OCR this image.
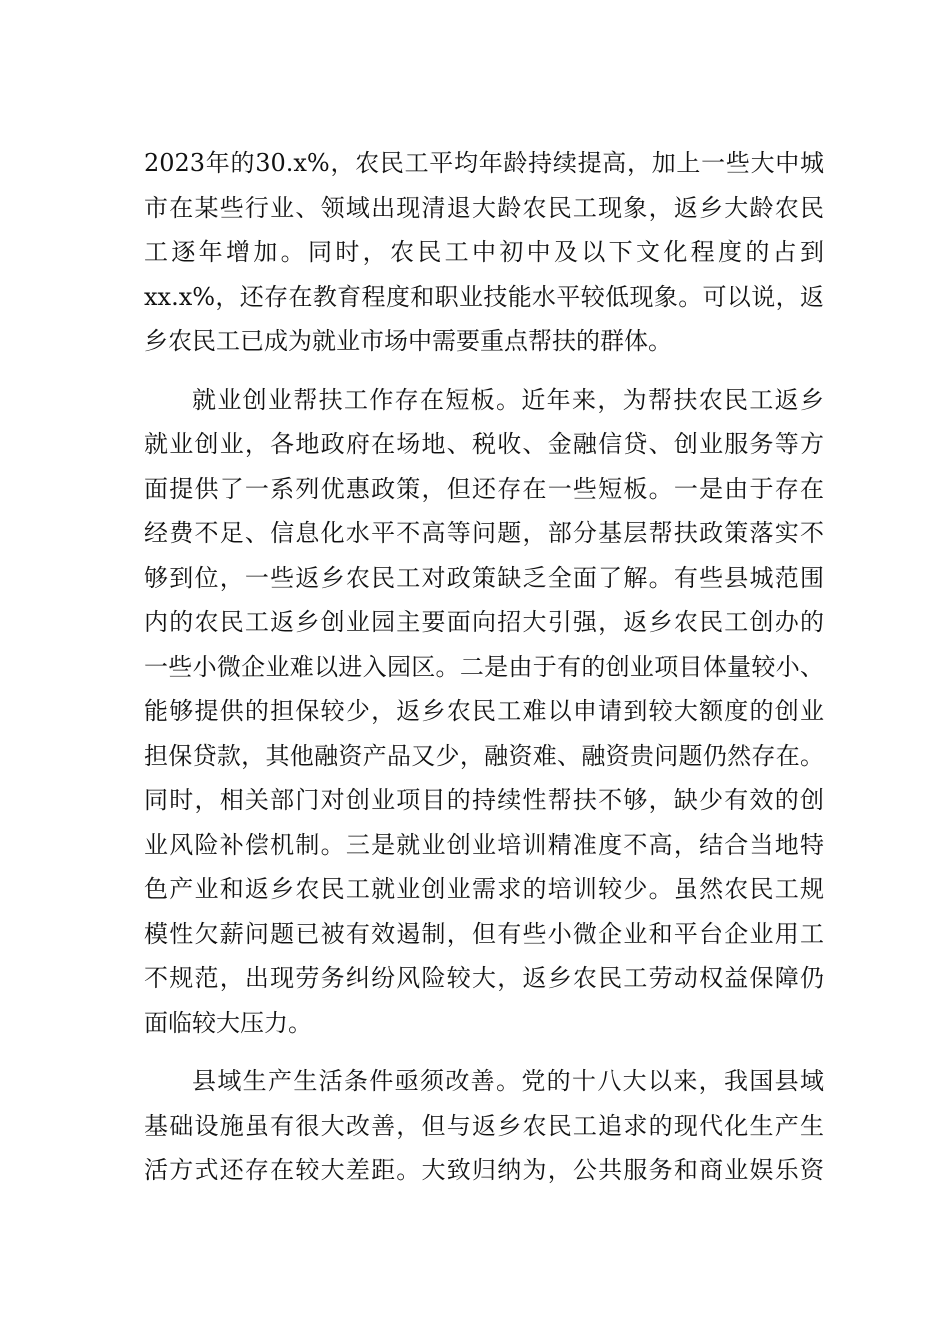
2023年的30.x%，农民工平均年龄持续提高，加上一些大中城
市在某些行业、领域出现清退大龄农民工现象，返乡大龄农民
工逐年增加。同时，农民工中初中及以下文化程度的占到
xx.x%，还存在教育程度和职业技能水平较低现象。可以说，返
乡农民工已成为就业市场中需要重点帮扶的群体。
就业创业帮扶工作存在短板。近年来，为帮扶农民工返乡
就业创业，各地政府在场地、税收、金融信贷、创业服务等方
面提供了一系列优惠政策，但还存在一些短板。一是由于存在
经费不足、信息化水平不高等问题，部分基层帮扶政策落实不
够到位，一些返乡农民工对政策缺乏全面了解。有些县城范围
内的农民工返乡创业园主要面向招大引强，返乡农民工创办的
一些小微企业难以进入园区。二是由于有的创业项目体量较小、
能够提供的担保较少，返乡农民工难以申请到较大额度的创业
担保贷款，其他融资产品又少，融资难、融资贵问题仍然存在。
同时，相关部门对创业项目的持续性帮扶不够，缺少有效的创
业风险补偿机制。三是就业创业培训精准度不高，结合当地特
色产业和返乡农民工就业创业需求的培训较少。虽然农民工规
模性欠薪问题已被有效遏制，但有些小微企业和平台企业用工
不规范，出现劳务纠纷风险较大，返乡农民工劳动权益保障仍
面临较大压力。
县域生产生活条件亟须改善。党的十八大以来，我国县域
基础设施虽有很大改善，但与返乡农民工追求的现代化生产生
活方式还存在较大差距。大致归纳为，公共服务和商业娱乐资
